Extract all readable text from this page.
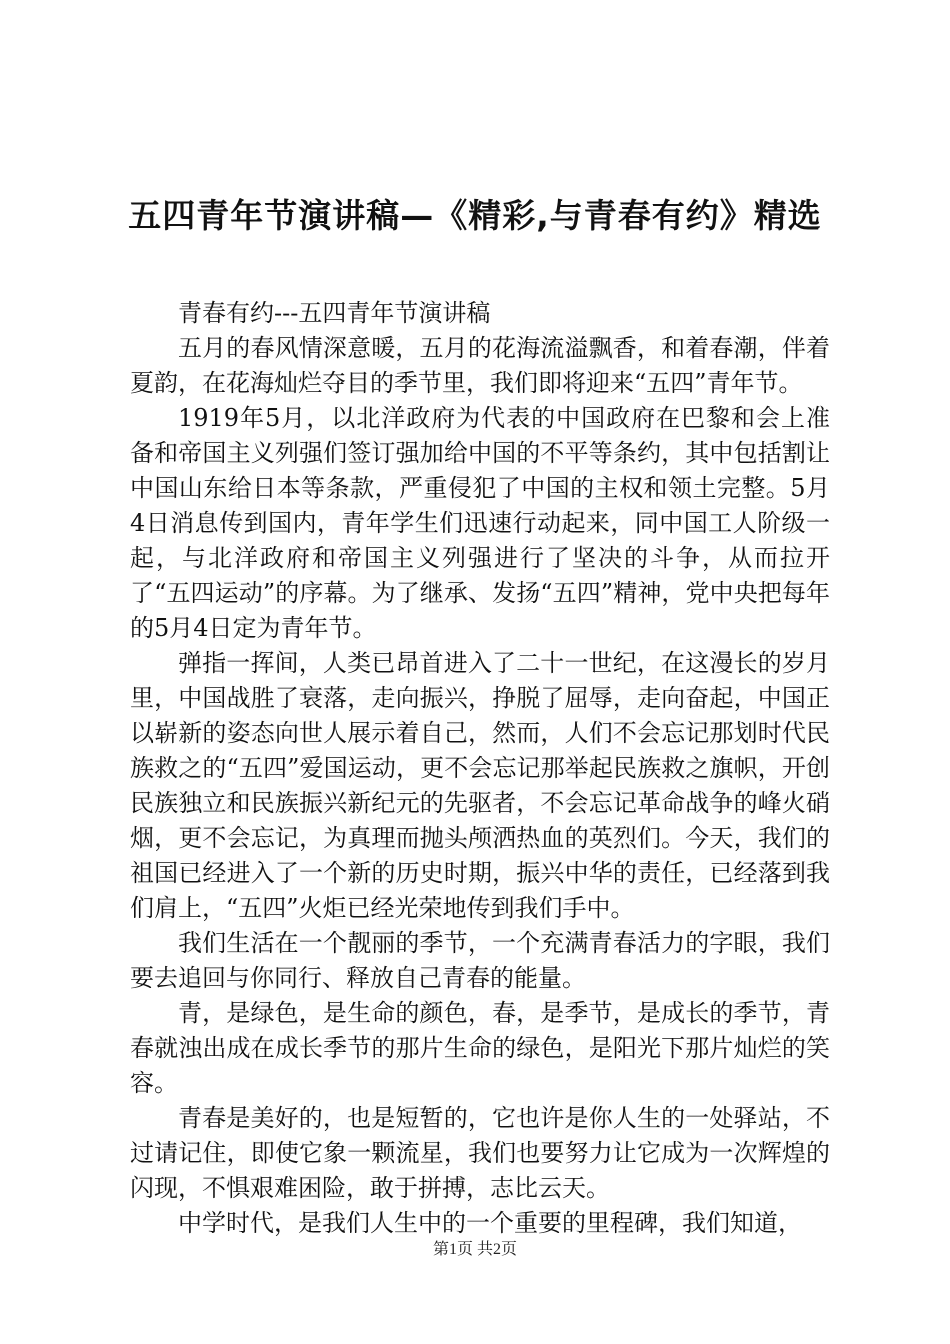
五四青年节演讲稿—《精彩,与青春有约》精选

青春有约---五四青年节演讲稿

五月的春风情深意暖，五月的花海流溢飘香，和着春潮，伴着夏韵，在花海灿烂夺目的季节里，我们即将迎来“五四”青年节。

1919年5月，以北洋政府为代表的中国政府在巴黎和会上准备和帝国主义列强们签订强加给中国的不平等条约，其中包括割让中国山东给日本等条款，严重侵犯了中国的主权和领土完整。5月4日消息传到国内，青年学生们迅速行动起来，同中国工人阶级一起，与北洋政府和帝国主义列强进行了坚决的斗争，从而拉开了“五四运动”的序幕。为了继承、发扬“五四”精神，党中央把每年的5月4日定为青年节。

弹指一挥间，人类已昂首进入了二十一世纪，在这漫长的岁月里，中国战胜了衰落，走向振兴，挣脱了屈辱，走向奋起，中国正以崭新的姿态向世人展示着自己，然而，人们不会忘记那划时代民族救之的“五四”爱国运动，更不会忘记那举起民族救之旗帜，开创民族独立和民族振兴新纪元的先驱者，不会忘记革命战争的峰火硝烟，更不会忘记，为真理而抛头颅洒热血的英烈们。今天，我们的祖国已经进入了一个新的历史时期，振兴中华的责任，已经落到我们肩上，“五四”火炬已经光荣地传到我们手中。

我们生活在一个靓丽的季节，一个充满青春活力的字眼，我们要去追回与你同行、释放自己青春的能量。

青，是绿色，是生命的颜色，春，是季节，是成长的季节，青春就浊出成在成长季节的那片生命的绿色，是阳光下那片灿烂的笑容。

青春是美好的，也是短暂的，它也许是你人生的一处驿站，不过请记住，即使它象一颗流星，我们也要努力让它成为一次辉煌的闪现，不惧艰难困险，敢于拼搏，志比云天。

中学时代，是我们人生中的一个重要的里程碑，我们知道，

第1页 共2页
